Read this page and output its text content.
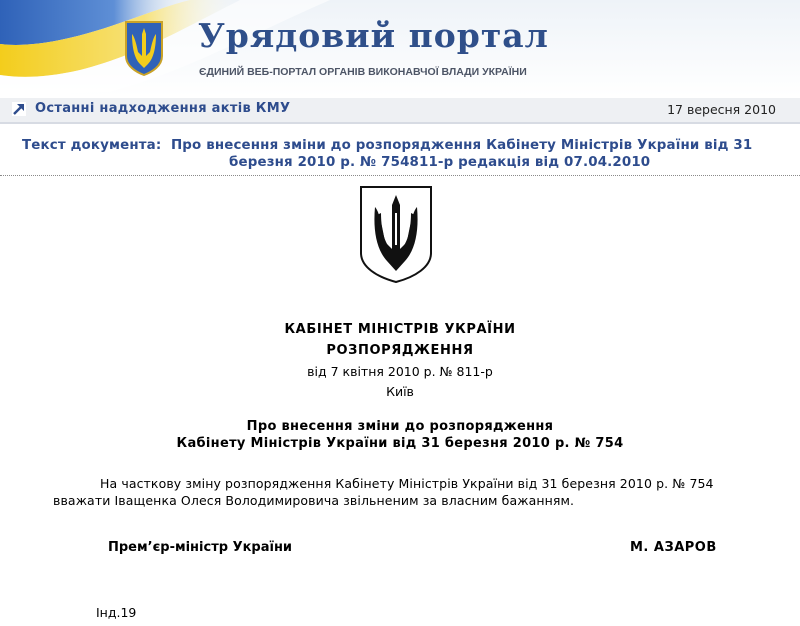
Урядовий портал
ЄДИНИЙ ВЕБ-ПОРТАЛ ОРГАНІВ ВИКОНАВЧОЇ ВЛАДИ УКРАЇНИ
Останні надходження актів КМУ	17 вересня 2010
Текст документа: Про внесення зміни до розпорядження Кабінету Міністрів України від 31
березня 2010 р. № 754811-р редакція від 07.04.2010
КАБІНЕТ МІНІСТРІВ УКРАЇНИ
РОЗПОРЯДЖЕННЯ
від 7 квітня 2010 р. № 811-р
Київ
Про внесення зміни до розпорядження
Кабінету Міністрів України від 31 березня 2010 р. № 754
На часткову зміну розпорядження Кабінету Міністрів України від 31 березня 2010 р. № 754 вважати Іващенка Олеся Володимировича звільненим за власним бажанням.
Прем’єр-міністр України	М. АЗАРОВ
Інд.19
